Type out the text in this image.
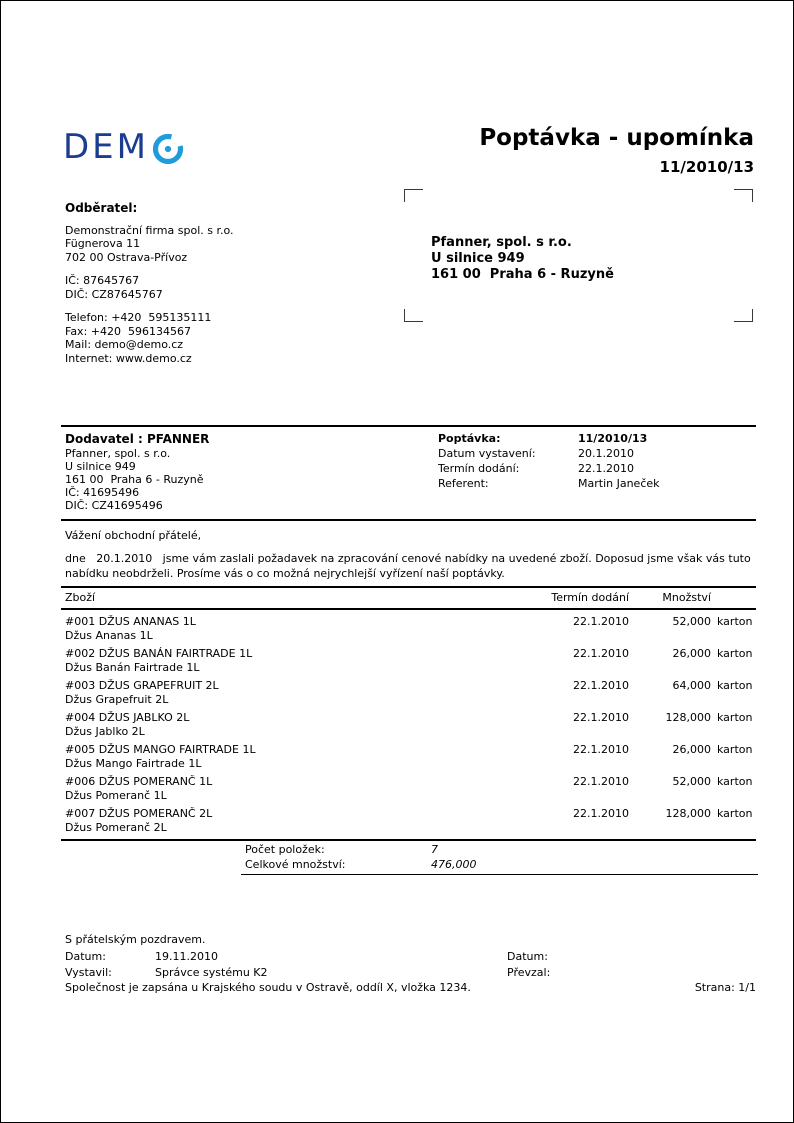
DEM	Poptávka - upomínka
11/2010/13
Odběratel:
Demonstrační firma spol. s r.o.
Fügnerova 11
702 00 Ostrava-Přívoz
IČ: 87645767
DIČ: CZ87645767
Telefon: +420  595135111
Fax: +420  596134567
Mail: demo@demo.cz
Internet: www.demo.cz
Pfanner, spol. s r.o.
U silnice 949
161 00  Praha 6 - Ruzyně
Dodavatel : PFANNER
Pfanner, spol. s r.o.
U silnice 949
161 00  Praha 6 - Ruzyně
IČ: 41695496
DIČ: CZ41695496
Poptávka:	11/2010/13
Datum vystavení:	20.1.2010
Termín dodání:	22.1.2010
Referent:	Martin Janeček
Vážení obchodní přátelé,
dne   20.1.2010   jsme vám zaslali požadavek na zpracování cenové nabídky na uvedené zboží. Doposud jsme však vás tuto nabídku neobdrželi. Prosíme vás o co možná nejrychlejší vyřízení naší poptávky.
Zboží	Termín dodání	Množství
#001 DŽUS ANANAS 1L	22.1.2010	52,000 karton
Džus Ananas 1L
#002 DŽUS BANÁN FAIRTRADE 1L	22.1.2010	26,000 karton
Džus Banán Fairtrade 1L
#003 DŽUS GRAPEFRUIT 2L	22.1.2010	64,000 karton
Džus Grapefruit 2L
#004 DŽUS JABLKO 2L	22.1.2010	128,000 karton
Džus Jablko 2L
#005 DŽUS MANGO FAIRTRADE 1L	22.1.2010	26,000 karton
Džus Mango Fairtrade 1L
#006 DŽUS POMERANČ 1L	22.1.2010	52,000 karton
Džus Pomeranč 1L
#007 DŽUS POMERANČ 2L	22.1.2010	128,000 karton
Džus Pomeranč 2L
Počet položek:	7
Celkové množství:	476,000
S přátelským pozdravem.
Datum:	19.11.2010	Datum:
Vystavil:	Správce systému K2	Převzal:
Společnost je zapsána u Krajského soudu v Ostravě, oddíl X, vložka 1234.	Strana: 1/1
